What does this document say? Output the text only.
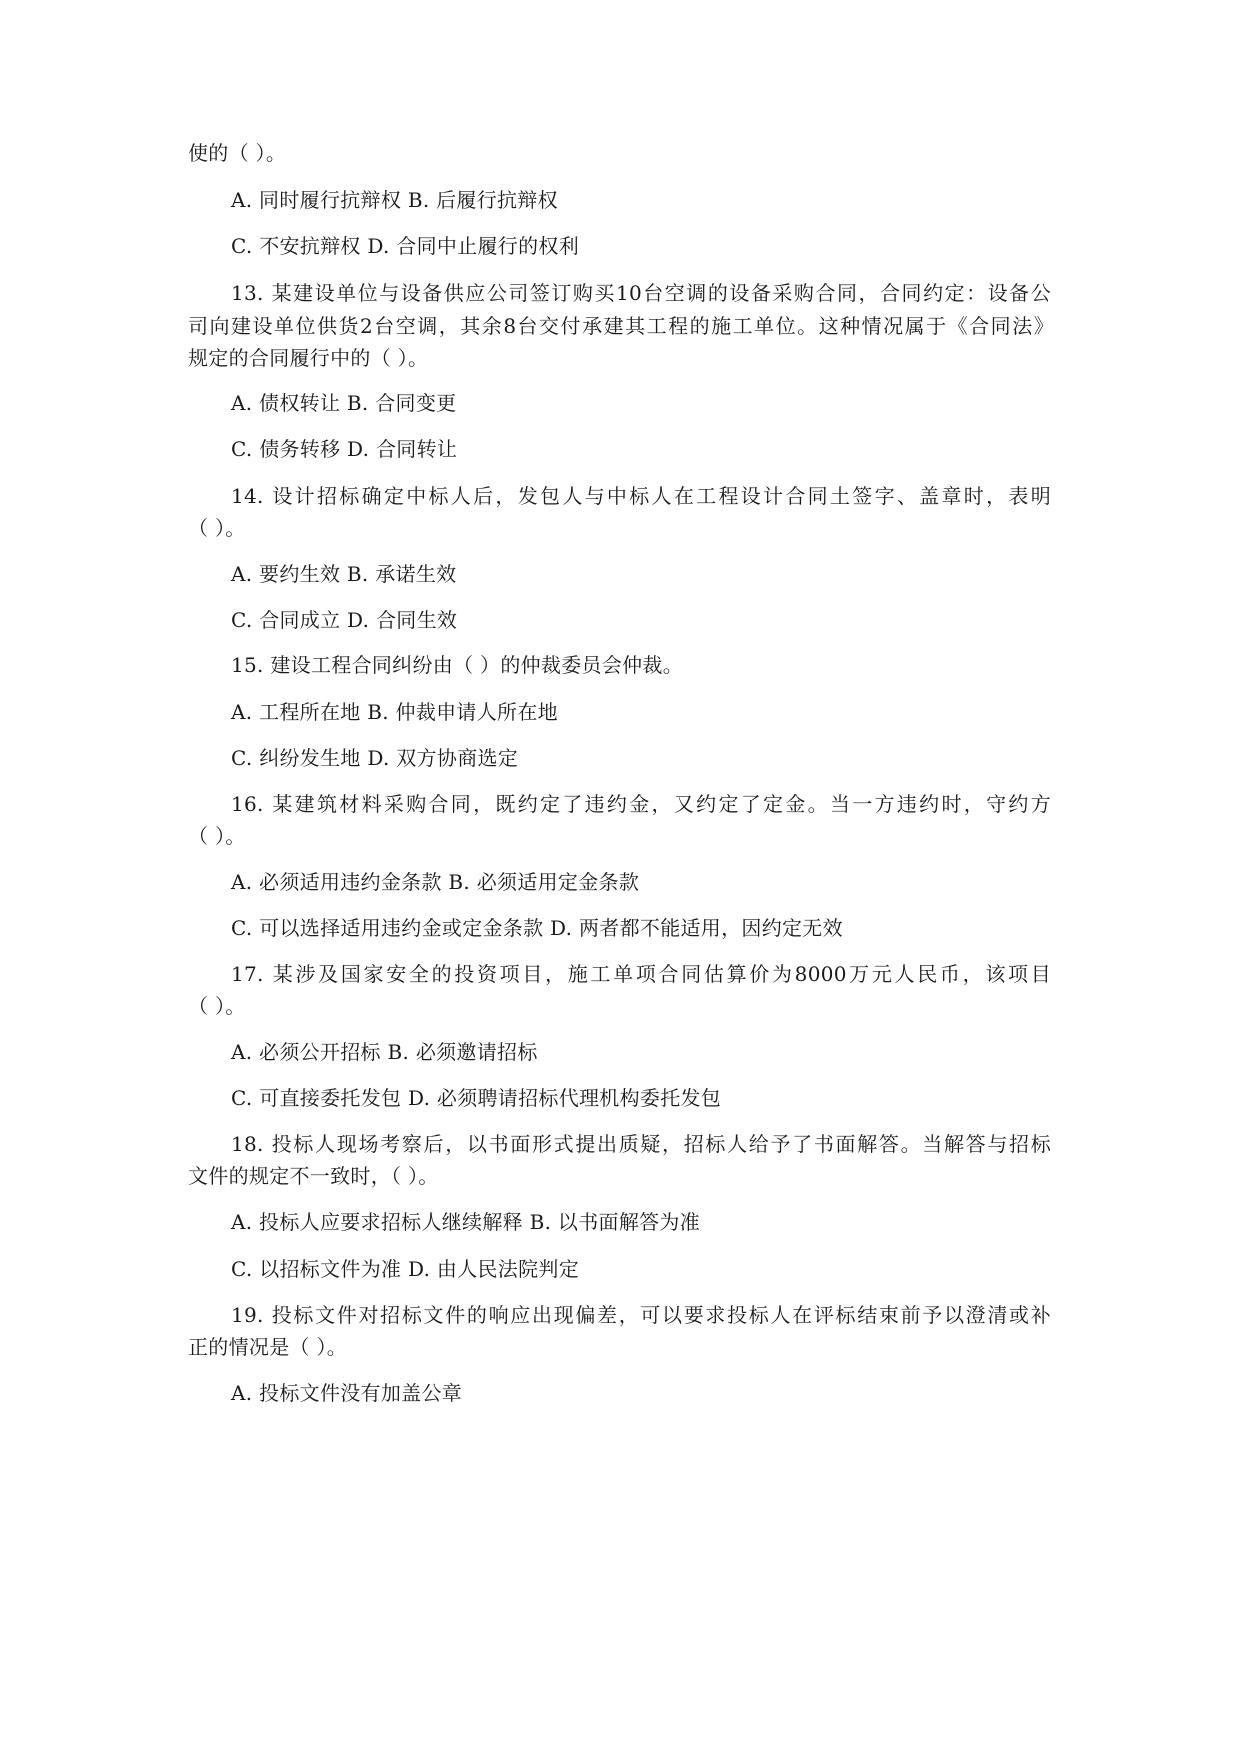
使的（ ）。
A. 同时履行抗辩权 B. 后履行抗辩权
C. 不安抗辩权 D. 合同中止履行的权利
13. 某建设单位与设备供应公司签订购买10台空调的设备采购合同，合同约定：设备公
司向建设单位供货2台空调，其余8台交付承建其工程的施工单位。这种情况属于《合同法》
规定的合同履行中的（ ）。
A. 债权转让 B. 合同变更
C. 债务转移 D. 合同转让
14. 设计招标确定中标人后，发包人与中标人在工程设计合同土签字、盖章时，表明
（ ）。
A. 要约生效 B. 承诺生效
C. 合同成立 D. 合同生效
15. 建设工程合同纠纷由（ ）的仲裁委员会仲裁。
A. 工程所在地 B. 仲裁申请人所在地
C. 纠纷发生地 D. 双方协商选定
16. 某建筑材料采购合同，既约定了违约金，又约定了定金。当一方违约时，守约方
（ ）。
A. 必须适用违约金条款 B. 必须适用定金条款
C. 可以选择适用违约金或定金条款 D. 两者都不能适用，因约定无效
17. 某涉及国家安全的投资项目，施工单项合同估算价为8000万元人民币，该项目
（ ）。
A. 必须公开招标 B. 必须邀请招标
C. 可直接委托发包 D. 必须聘请招标代理机构委托发包
18. 投标人现场考察后，以书面形式提出质疑，招标人给予了书面解答。当解答与招标
文件的规定不一致时，（ ）。
A. 投标人应要求招标人继续解释 B. 以书面解答为准
C. 以招标文件为准 D. 由人民法院判定
19. 投标文件对招标文件的响应出现偏差，可以要求投标人在评标结束前予以澄清或补
正的情况是（ ）。
A. 投标文件没有加盖公章
